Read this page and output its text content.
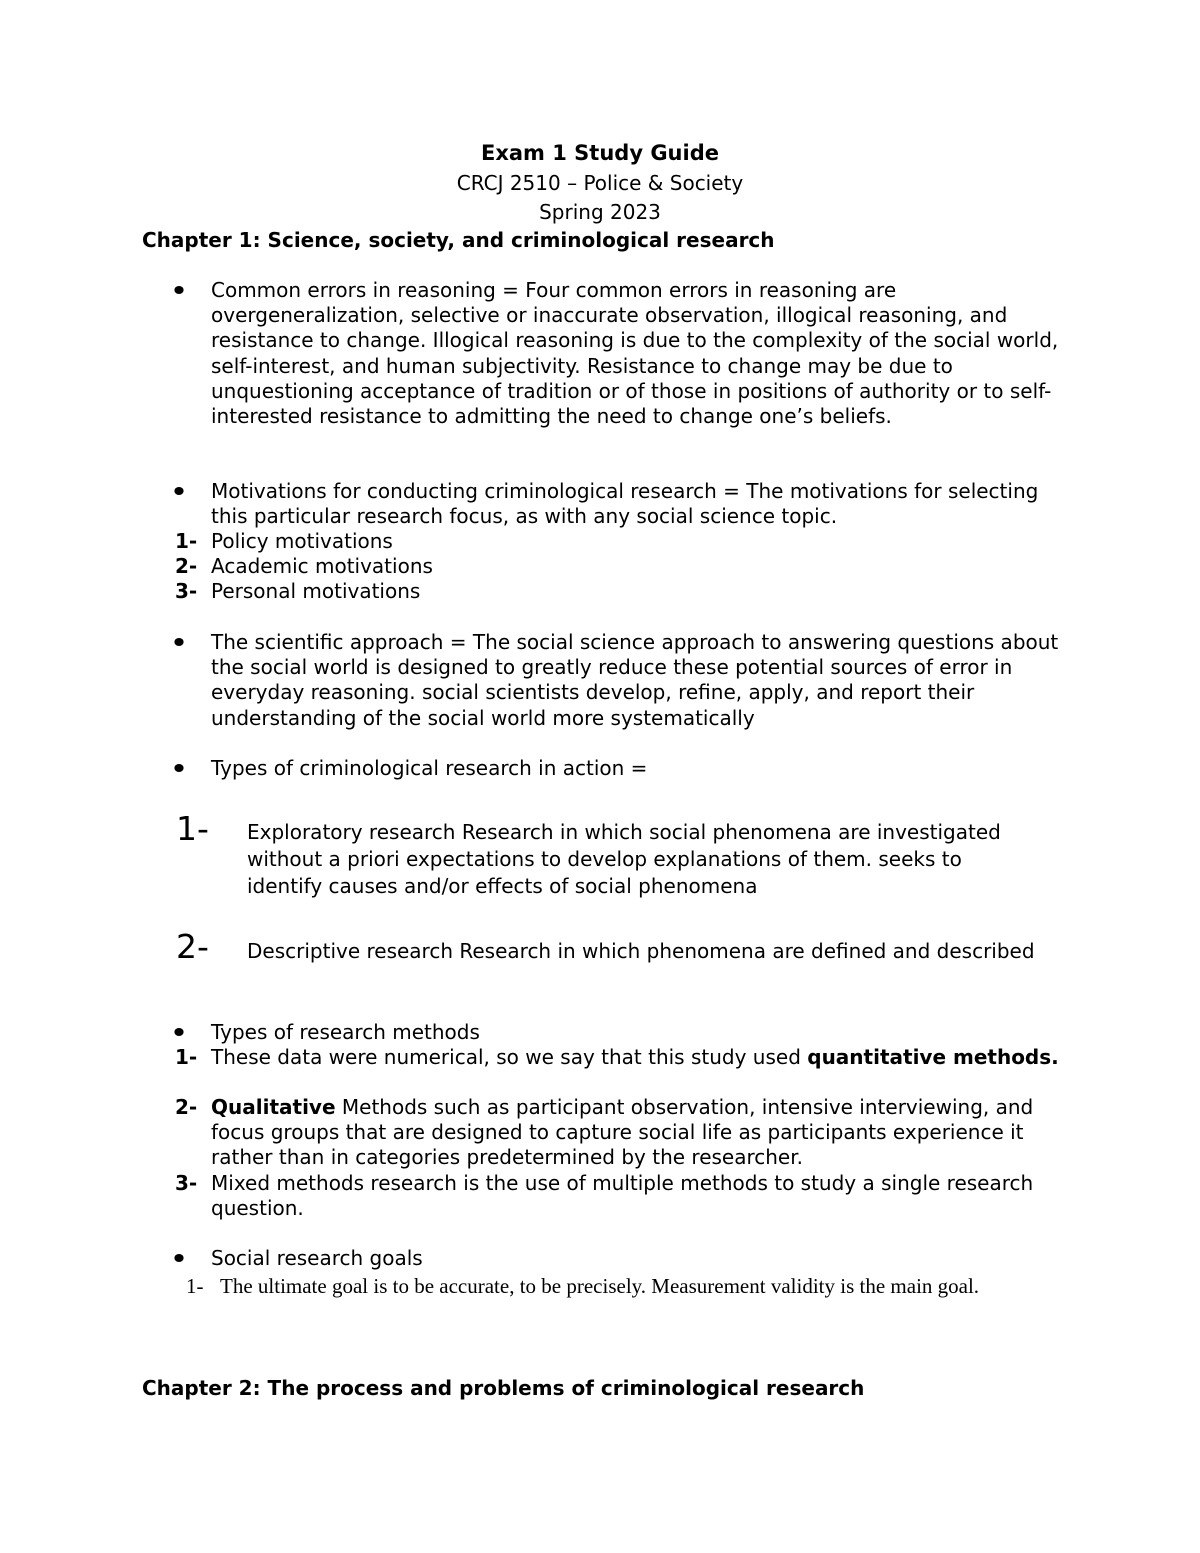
Exam 1 Study Guide
CRCJ 2510 – Police & Society
Spring 2023
Chapter 1: Science, society, and criminological research
Common errors in reasoning = Four common errors in reasoning are overgeneralization, selective or inaccurate observation, illogical reasoning, and resistance to change. Illogical reasoning is due to the complexity of the social world, self-interest, and human subjectivity. Resistance to change may be due to unquestioning acceptance of tradition or of those in positions of authority or to self- interested resistance to admitting the need to change one’s beliefs.
Motivations for conducting criminological research = The motivations for selecting this particular research focus, as with any social science topic.
1- Policy motivations
2- Academic motivations
3- Personal motivations
The scientific approach = The social science approach to answering questions about the social world is designed to greatly reduce these potential sources of error in everyday reasoning. social scientists develop, refine, apply, and report their understanding of the social world more systematically
Types of criminological research in action =
1- Exploratory research Research in which social phenomena are investigated without a priori expectations to develop explanations of them. seeks to identify causes and/or effects of social phenomena
2- Descriptive research Research in which phenomena are defined and described
Types of research methods
1- These data were numerical, so we say that this study used quantitative methods.
2- Qualitative Methods such as participant observation, intensive interviewing, and focus groups that are designed to capture social life as participants experience it rather than in categories predetermined by the researcher.
3- Mixed methods research is the use of multiple methods to study a single research question.
Social research goals
1- The ultimate goal is to be accurate, to be precisely. Measurement validity is the main goal.
Chapter 2: The process and problems of criminological research
